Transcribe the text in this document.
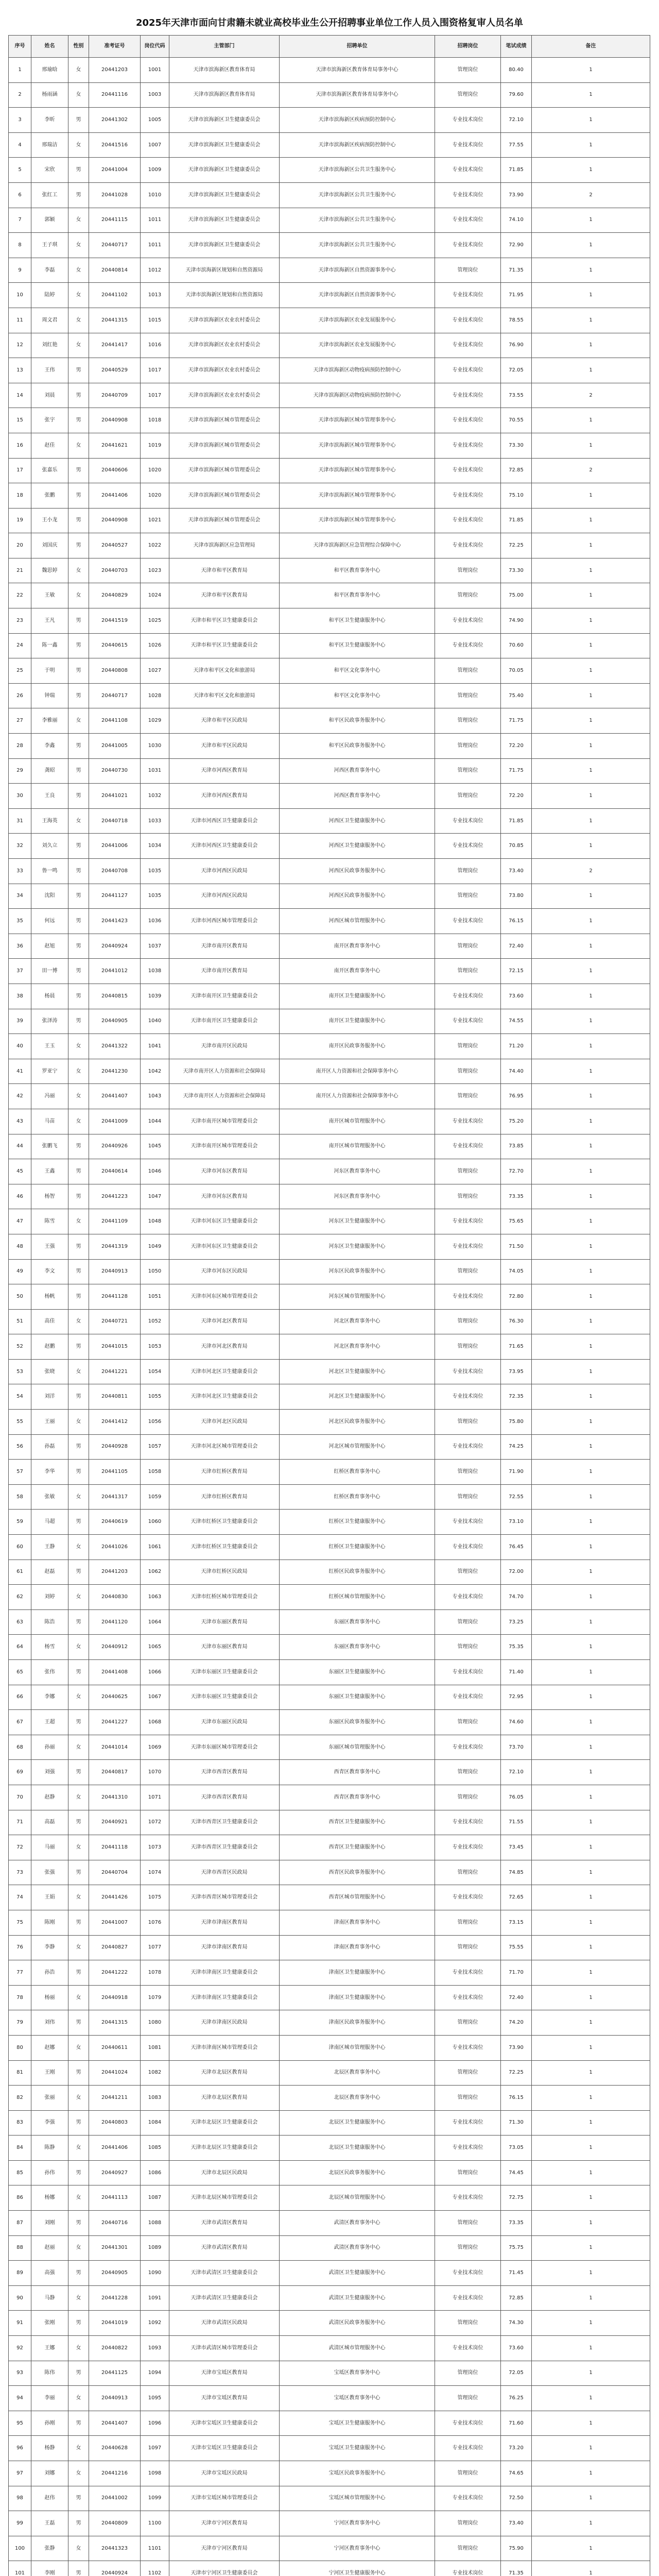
2025年天津市面向甘肃籍未就业高校毕业生公开招聘事业单位工作人员入围资格复审人员名单
序号	姓名	性别	准考证号	岗位代码	主管部门	招聘单位	招聘岗位	笔试成绩	备注
1	邢瑜晗	女	20441203	1001	天津市滨海新区教育体育局	天津市滨海新区教育体育局事务中心	管理岗位	80.40	1
2	杨雨涵	女	20441116	1003	天津市滨海新区教育体育局	天津市滨海新区教育体育局事务中心	管理岗位	79.60	1
3	李昕	男	20441302	1005	天津市滨海新区卫生健康委员会	天津市滨海新区疾病预防控制中心	专业技术岗位	72.10	1
4	邢瑞洁	女	20441516	1007	天津市滨海新区卫生健康委员会	天津市滨海新区疾病预防控制中心	专业技术岗位	77.55	1
5	宋欣	男	20441004	1009	天津市滨海新区卫生健康委员会	天津市滨海新区公共卫生服务中心	专业技术岗位	71.85	1
6	张红工	男	20441028	1010	天津市滨海新区卫生健康委员会	天津市滨海新区公共卫生服务中心	专业技术岗位	73.90	2
7	郭颖	女	20441115	1011	天津市滨海新区卫生健康委员会	天津市滨海新区公共卫生服务中心	专业技术岗位	74.10	1
8	王子琪	女	20440717	1011	天津市滨海新区卫生健康委员会	天津市滨海新区公共卫生服务中心	专业技术岗位	72.90	1
9	李磊	女	20440814	1012	天津市滨海新区规划和自然资源局	天津市滨海新区自然资源事务中心	管理岗位	71.35	1
10	陆婷	女	20441102	1013	天津市滨海新区规划和自然资源局	天津市滨海新区自然资源事务中心	专业技术岗位	71.95	1
11	周文君	女	20441315	1015	天津市滨海新区农业农村委员会	天津市滨海新区农业发展服务中心	专业技术岗位	78.55	1
12	刘红艳	女	20441417	1016	天津市滨海新区农业农村委员会	天津市滨海新区农业发展服务中心	专业技术岗位	76.90	1
13	王伟	男	20440529	1017	天津市滨海新区农业农村委员会	天津市滨海新区动物疫病预防控制中心	专业技术岗位	72.05	1
14	刘晨	男	20440709	1017	天津市滨海新区农业农村委员会	天津市滨海新区动物疫病预防控制中心	专业技术岗位	73.55	2
15	张宇	男	20440908	1018	天津市滨海新区城市管理委员会	天津市滨海新区城市管理事务中心	专业技术岗位	70.55	1
16	赵佳	女	20441621	1019	天津市滨海新区城市管理委员会	天津市滨海新区城市管理事务中心	专业技术岗位	73.30	1
17	张嘉乐	男	20440606	1020	天津市滨海新区城市管理委员会	天津市滨海新区城市管理事务中心	专业技术岗位	72.85	2
18	张鹏	男	20441406	1020	天津市滨海新区城市管理委员会	天津市滨海新区城市管理事务中心	专业技术岗位	75.10	1
19	王小龙	男	20440908	1021	天津市滨海新区城市管理委员会	天津市滨海新区城市管理事务中心	专业技术岗位	71.85	1
20	刘国庆	男	20440527	1022	天津市滨海新区应急管理局	天津市滨海新区应急管理综合保障中心	专业技术岗位	72.25	1
21	魏思婷	女	20440703	1023	天津市和平区教育局	和平区教育事务中心	管理岗位	73.30	1
22	王敏	女	20440829	1024	天津市和平区教育局	和平区教育事务中心	管理岗位	75.00	1
23	王凡	男	20441519	1025	天津市和平区卫生健康委员会	和平区卫生健康服务中心	专业技术岗位	74.90	1
24	陈一鑫	男	20440615	1026	天津市和平区卫生健康委员会	和平区卫生健康服务中心	专业技术岗位	70.60	1
25	于明	男	20440808	1027	天津市和平区文化和旅游局	和平区文化事务中心	管理岗位	70.05	1
26	钟瑞	男	20440717	1028	天津市和平区文化和旅游局	和平区文化事务中心	管理岗位	75.40	1
27	李雅丽	女	20441108	1029	天津市和平区民政局	和平区民政事务服务中心	管理岗位	71.75	1
28	李鑫	男	20441005	1030	天津市和平区民政局	和平区民政事务服务中心	管理岗位	72.20	1
29	龚昭	男	20440730	1031	天津市河西区教育局	河西区教育事务中心	管理岗位	71.75	1
30	王良	男	20441021	1032	天津市河西区教育局	河西区教育事务中心	管理岗位	72.20	1
31	王海英	女	20440718	1033	天津市河西区卫生健康委员会	河西区卫生健康服务中心	专业技术岗位	71.85	1
32	刘久立	男	20441006	1034	天津市河西区卫生健康委员会	河西区卫生健康服务中心	专业技术岗位	70.85	1
33	鲁一鸣	男	20440708	1035	天津市河西区民政局	河西区民政事务服务中心	管理岗位	73.40	2
34	沈阳	男	20441127	1035	天津市河西区民政局	河西区民政事务服务中心	管理岗位	73.80	1
35	何远	男	20441423	1036	天津市河西区城市管理委员会	河西区城市管理服务中心	专业技术岗位	76.15	1
36	赵旭	男	20440924	1037	天津市南开区教育局	南开区教育事务中心	管理岗位	72.40	1
37	田一博	男	20441012	1038	天津市南开区教育局	南开区教育事务中心	管理岗位	72.15	1
38	杨晨	男	20440815	1039	天津市南开区卫生健康委员会	南开区卫生健康服务中心	专业技术岗位	73.60	1
39	张泽涛	男	20440905	1040	天津市南开区卫生健康委员会	南开区卫生健康服务中心	专业技术岗位	74.55	1
40	王玉	女	20441322	1041	天津市南开区民政局	南开区民政事务服务中心	管理岗位	71.20	1
41	罗亚宁	女	20441230	1042	天津市南开区人力资源和社会保障局	南开区人力资源和社会保障事务中心	管理岗位	74.40	1
42	冯丽	女	20441407	1043	天津市南开区人力资源和社会保障局	南开区人力资源和社会保障事务中心	管理岗位	76.95	1
43	马苗	女	20441009	1044	天津市南开区城市管理委员会	南开区城市管理服务中心	专业技术岗位	75.20	1
44	张鹏飞	男	20440926	1045	天津市南开区城市管理委员会	南开区城市管理服务中心	专业技术岗位	73.85	1
45	王鑫	男	20440614	1046	天津市河东区教育局	河东区教育事务中心	管理岗位	72.70	1
46	杨智	男	20441223	1047	天津市河东区教育局	河东区教育事务中心	管理岗位	73.35	1
47	陈雪	女	20441109	1048	天津市河东区卫生健康委员会	河东区卫生健康服务中心	专业技术岗位	75.65	1
48	王强	男	20441319	1049	天津市河东区卫生健康委员会	河东区卫生健康服务中心	专业技术岗位	71.50	1
49	李文	男	20440913	1050	天津市河东区民政局	河东区民政事务服务中心	管理岗位	74.05	1
50	杨帆	男	20441128	1051	天津市河东区城市管理委员会	河东区城市管理服务中心	专业技术岗位	72.80	1
51	高佳	女	20440721	1052	天津市河北区教育局	河北区教育事务中心	管理岗位	76.30	1
52	赵鹏	男	20441015	1053	天津市河北区教育局	河北区教育事务中心	管理岗位	71.65	1
53	张晓	女	20441221	1054	天津市河北区卫生健康委员会	河北区卫生健康服务中心	专业技术岗位	73.95	1
54	刘洋	男	20440811	1055	天津市河北区卫生健康委员会	河北区卫生健康服务中心	专业技术岗位	72.35	1
55	王丽	女	20441412	1056	天津市河北区民政局	河北区民政事务服务中心	管理岗位	75.80	1
56	孙磊	男	20440928	1057	天津市河北区城市管理委员会	河北区城市管理服务中心	专业技术岗位	74.25	1
57	李华	男	20441105	1058	天津市红桥区教育局	红桥区教育事务中心	管理岗位	71.90	1
58	张敏	女	20441317	1059	天津市红桥区教育局	红桥区教育事务中心	管理岗位	72.55	1
59	马超	男	20440619	1060	天津市红桥区卫生健康委员会	红桥区卫生健康服务中心	专业技术岗位	73.10	1
60	王静	女	20441026	1061	天津市红桥区卫生健康委员会	红桥区卫生健康服务中心	专业技术岗位	76.45	1
61	赵磊	男	20441203	1062	天津市红桥区民政局	红桥区民政事务服务中心	管理岗位	72.00	1
62	刘婷	女	20440830	1063	天津市红桥区城市管理委员会	红桥区城市管理服务中心	专业技术岗位	74.70	1
63	陈浩	男	20441120	1064	天津市东丽区教育局	东丽区教育事务中心	管理岗位	73.25	1
64	杨雪	女	20440912	1065	天津市东丽区教育局	东丽区教育事务中心	管理岗位	75.35	1
65	张伟	男	20441408	1066	天津市东丽区卫生健康委员会	东丽区卫生健康服务中心	专业技术岗位	71.40	1
66	李娜	女	20440625	1067	天津市东丽区卫生健康委员会	东丽区卫生健康服务中心	专业技术岗位	72.95	1
67	王超	男	20441227	1068	天津市东丽区民政局	东丽区民政事务服务中心	管理岗位	74.60	1
68	孙丽	女	20441014	1069	天津市东丽区城市管理委员会	东丽区城市管理服务中心	专业技术岗位	73.70	1
69	刘强	男	20440817	1070	天津市西青区教育局	西青区教育事务中心	管理岗位	72.10	1
70	赵静	女	20441310	1071	天津市西青区教育局	西青区教育事务中心	管理岗位	76.05	1
71	高磊	男	20440921	1072	天津市西青区卫生健康委员会	西青区卫生健康服务中心	专业技术岗位	71.55	1
72	马丽	女	20441118	1073	天津市西青区卫生健康委员会	西青区卫生健康服务中心	专业技术岗位	73.45	1
73	张强	男	20440704	1074	天津市西青区民政局	西青区民政事务服务中心	管理岗位	74.85	1
74	王娟	女	20441426	1075	天津市西青区城市管理委员会	西青区城市管理服务中心	专业技术岗位	72.65	1
75	陈刚	男	20441007	1076	天津市津南区教育局	津南区教育事务中心	管理岗位	73.15	1
76	李静	女	20440827	1077	天津市津南区教育局	津南区教育事务中心	管理岗位	75.55	1
77	孙浩	男	20441222	1078	天津市津南区卫生健康委员会	津南区卫生健康服务中心	专业技术岗位	71.70	1
78	杨丽	女	20440918	1079	天津市津南区卫生健康委员会	津南区卫生健康服务中心	专业技术岗位	72.40	1
79	刘伟	男	20441315	1080	天津市津南区民政局	津南区民政事务服务中心	管理岗位	74.20	1
80	赵娜	女	20440611	1081	天津市津南区城市管理委员会	津南区城市管理服务中心	专业技术岗位	73.90	1
81	王刚	男	20441024	1082	天津市北辰区教育局	北辰区教育事务中心	管理岗位	72.25	1
82	张丽	女	20441211	1083	天津市北辰区教育局	北辰区教育事务中心	管理岗位	76.15	1
83	李强	男	20440803	1084	天津市北辰区卫生健康委员会	北辰区卫生健康服务中心	专业技术岗位	71.30	1
84	陈静	女	20441406	1085	天津市北辰区卫生健康委员会	北辰区卫生健康服务中心	专业技术岗位	73.05	1
85	孙伟	男	20440927	1086	天津市北辰区民政局	北辰区民政事务服务中心	管理岗位	74.45	1
86	杨娜	女	20441113	1087	天津市北辰区城市管理委员会	北辰区城市管理服务中心	专业技术岗位	72.75	1
87	刘刚	男	20440716	1088	天津市武清区教育局	武清区教育事务中心	管理岗位	73.35	1
88	赵丽	女	20441301	1089	天津市武清区教育局	武清区教育事务中心	管理岗位	75.75	1
89	高强	男	20440905	1090	天津市武清区卫生健康委员会	武清区卫生健康服务中心	专业技术岗位	71.45	1
90	马静	女	20441228	1091	天津市武清区卫生健康委员会	武清区卫生健康服务中心	专业技术岗位	72.85	1
91	张刚	男	20441019	1092	天津市武清区民政局	武清区民政事务服务中心	管理岗位	74.30	1
92	王娜	女	20440822	1093	天津市武清区城市管理委员会	武清区城市管理服务中心	专业技术岗位	73.60	1
93	陈伟	男	20441125	1094	天津市宝坻区教育局	宝坻区教育事务中心	管理岗位	72.05	1
94	李丽	女	20440913	1095	天津市宝坻区教育局	宝坻区教育事务中心	管理岗位	76.25	1
95	孙刚	男	20441407	1096	天津市宝坻区卫生健康委员会	宝坻区卫生健康服务中心	专业技术岗位	71.60	1
96	杨静	女	20440628	1097	天津市宝坻区卫生健康委员会	宝坻区卫生健康服务中心	专业技术岗位	73.20	1
97	刘娜	女	20441216	1098	天津市宝坻区民政局	宝坻区民政事务服务中心	管理岗位	74.65	1
98	赵伟	男	20441002	1099	天津市宝坻区城市管理委员会	宝坻区城市管理服务中心	专业技术岗位	72.50	1
99	王磊	男	20440809	1100	天津市宁河区教育局	宁河区教育事务中心	管理岗位	73.40	1
100	张静	女	20441323	1101	天津市宁河区教育局	宁河区教育事务中心	管理岗位	75.90	1
101	李刚	男	20440924	1102	天津市宁河区卫生健康委员会	宁河区卫生健康服务中心	专业技术岗位	71.35	1
